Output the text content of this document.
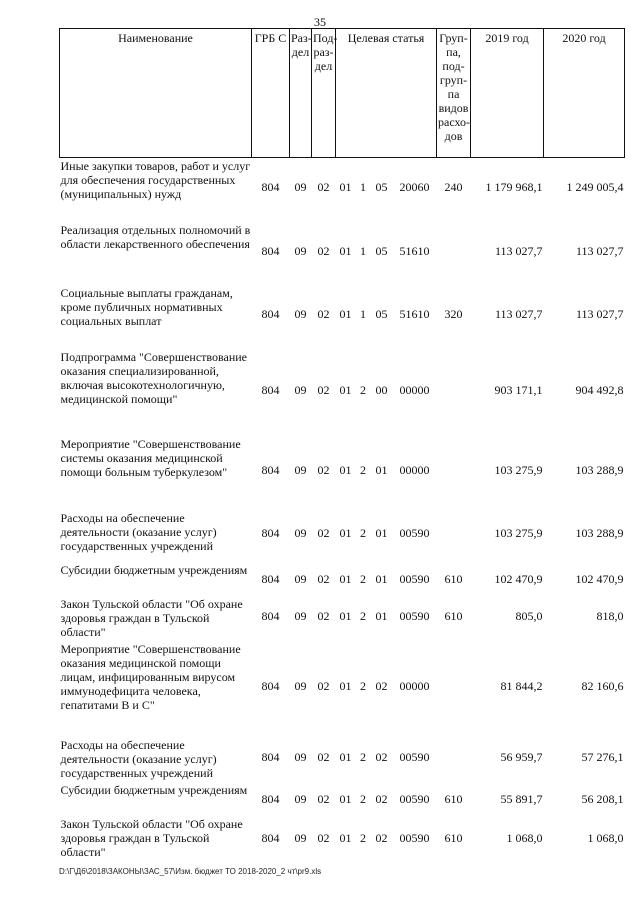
35
Наименование	ГРБ С	Раз- дел	Под- раз- дел	Целевая статья				Груп- па, под- груп- па видов расхо- дов	2019 год	2020 год
Иные закупки товаров, работ и услуг для обеспечения государственных (муниципальных) нужд	804	09	02	01	1	05	20060	240	1 179 968,1	1 249 005,4
Реализация отдельных полномочий в области лекарственного обеспечения	804	09	02	01	1	05	51610		113 027,7	113 027,7
Социальные выплаты гражданам, кроме публичных нормативных социальных выплат	804	09	02	01	1	05	51610	320	113 027,7	113 027,7
Подпрограмма "Совершенствование оказания специализированной, включая высокотехнологичную, медицинской помощи"	804	09	02	01	2	00	00000		903 171,1	904 492,8
Мероприятие "Совершенствование системы оказания медицинской помощи больным туберкулезом"	804	09	02	01	2	01	00000		103 275,9	103 288,9
Расходы на обеспечение деятельности (оказание услуг) государственных учреждений	804	09	02	01	2	01	00590		103 275,9	103 288,9
Субсидии бюджетным учреждениям	804	09	02	01	2	01	00590	610	102 470,9	102 470,9
Закон Тульской области "Об охране здоровья граждан в Тульской области"	804	09	02	01	2	01	00590	610	805,0	818,0
Мероприятие "Совершенствование оказания медицинской помощи лицам, инфицированным вирусом иммунодефицита человека, гепатитами В и С"	804	09	02	01	2	02	00000		81 844,2	82 160,6
Расходы на обеспечение деятельности (оказание услуг) государственных учреждений	804	09	02	01	2	02	00590		56 959,7	57 276,1
Субсидии бюджетным учреждениям	804	09	02	01	2	02	00590	610	55 891,7	56 208,1
Закон Тульской области "Об охране здоровья граждан в Тульской области"	804	09	02	01	2	02	00590	610	1 068,0	1 068,0
D:\Г\Д6\2018\ЗАКОНЫ\ЗАС_57\Изм. бюджет ТО 2018-2020_2 чт\pr9.xls
